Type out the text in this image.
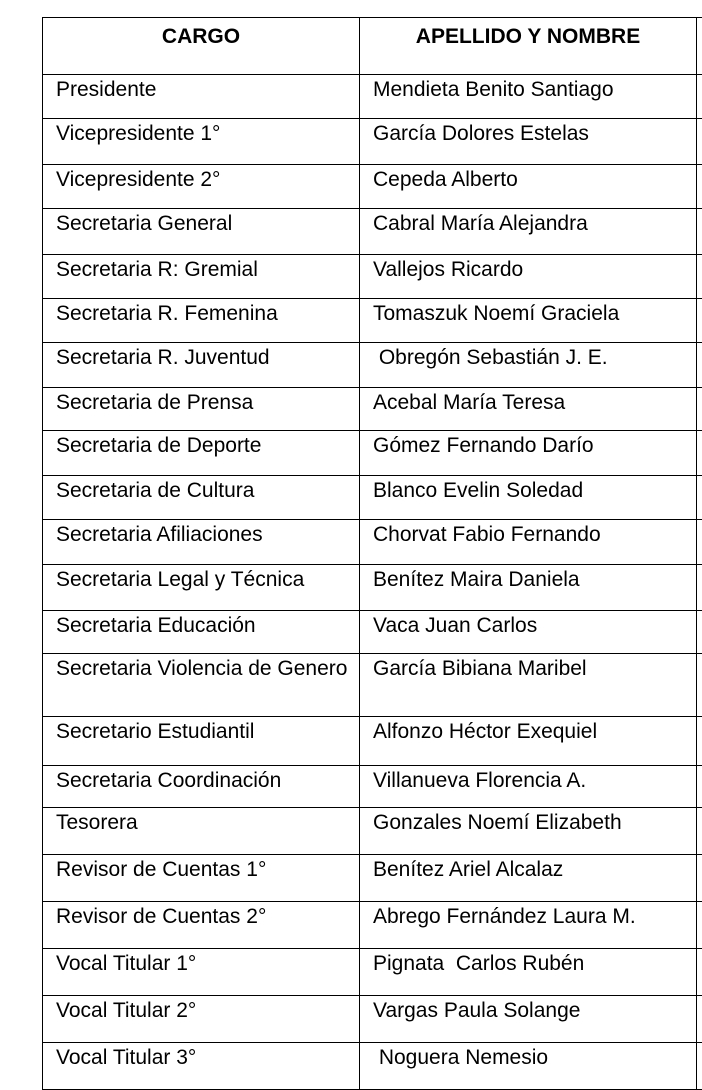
CARGO	APELLIDO Y NOMBRE	
Presidente	Mendieta Benito Santiago	
Vicepresidente 1°	García Dolores Estelas	
Vicepresidente 2°	Cepeda Alberto	
Secretaria General	Cabral María Alejandra	
Secretaria R: Gremial	Vallejos Ricardo	
Secretaria R. Femenina	Tomaszuk Noemí Graciela	
Secretaria R. Juventud	Obregón Sebastián J. E.	
Secretaria de Prensa	Acebal María Teresa	
Secretaria de Deporte	Gómez Fernando Darío	
Secretaria de Cultura	Blanco Evelin Soledad	
Secretaria Afiliaciones	Chorvat Fabio Fernando	
Secretaria Legal y Técnica	Benítez Maira Daniela	
Secretaria Educación	Vaca Juan Carlos	
Secretaria Violencia de Genero	García Bibiana Maribel	
Secretario Estudiantil	Alfonzo Héctor Exequiel	
Secretaria Coordinación	Villanueva Florencia A.	
Tesorera	Gonzales Noemí Elizabeth	
Revisor de Cuentas 1°	Benítez Ariel Alcalaz	
Revisor de Cuentas 2°	Abrego Fernández Laura M.	
Vocal Titular 1°	Pignata  Carlos Rubén	
Vocal Titular 2°	Vargas Paula Solange	
Vocal Titular 3°	Noguera Nemesio	
